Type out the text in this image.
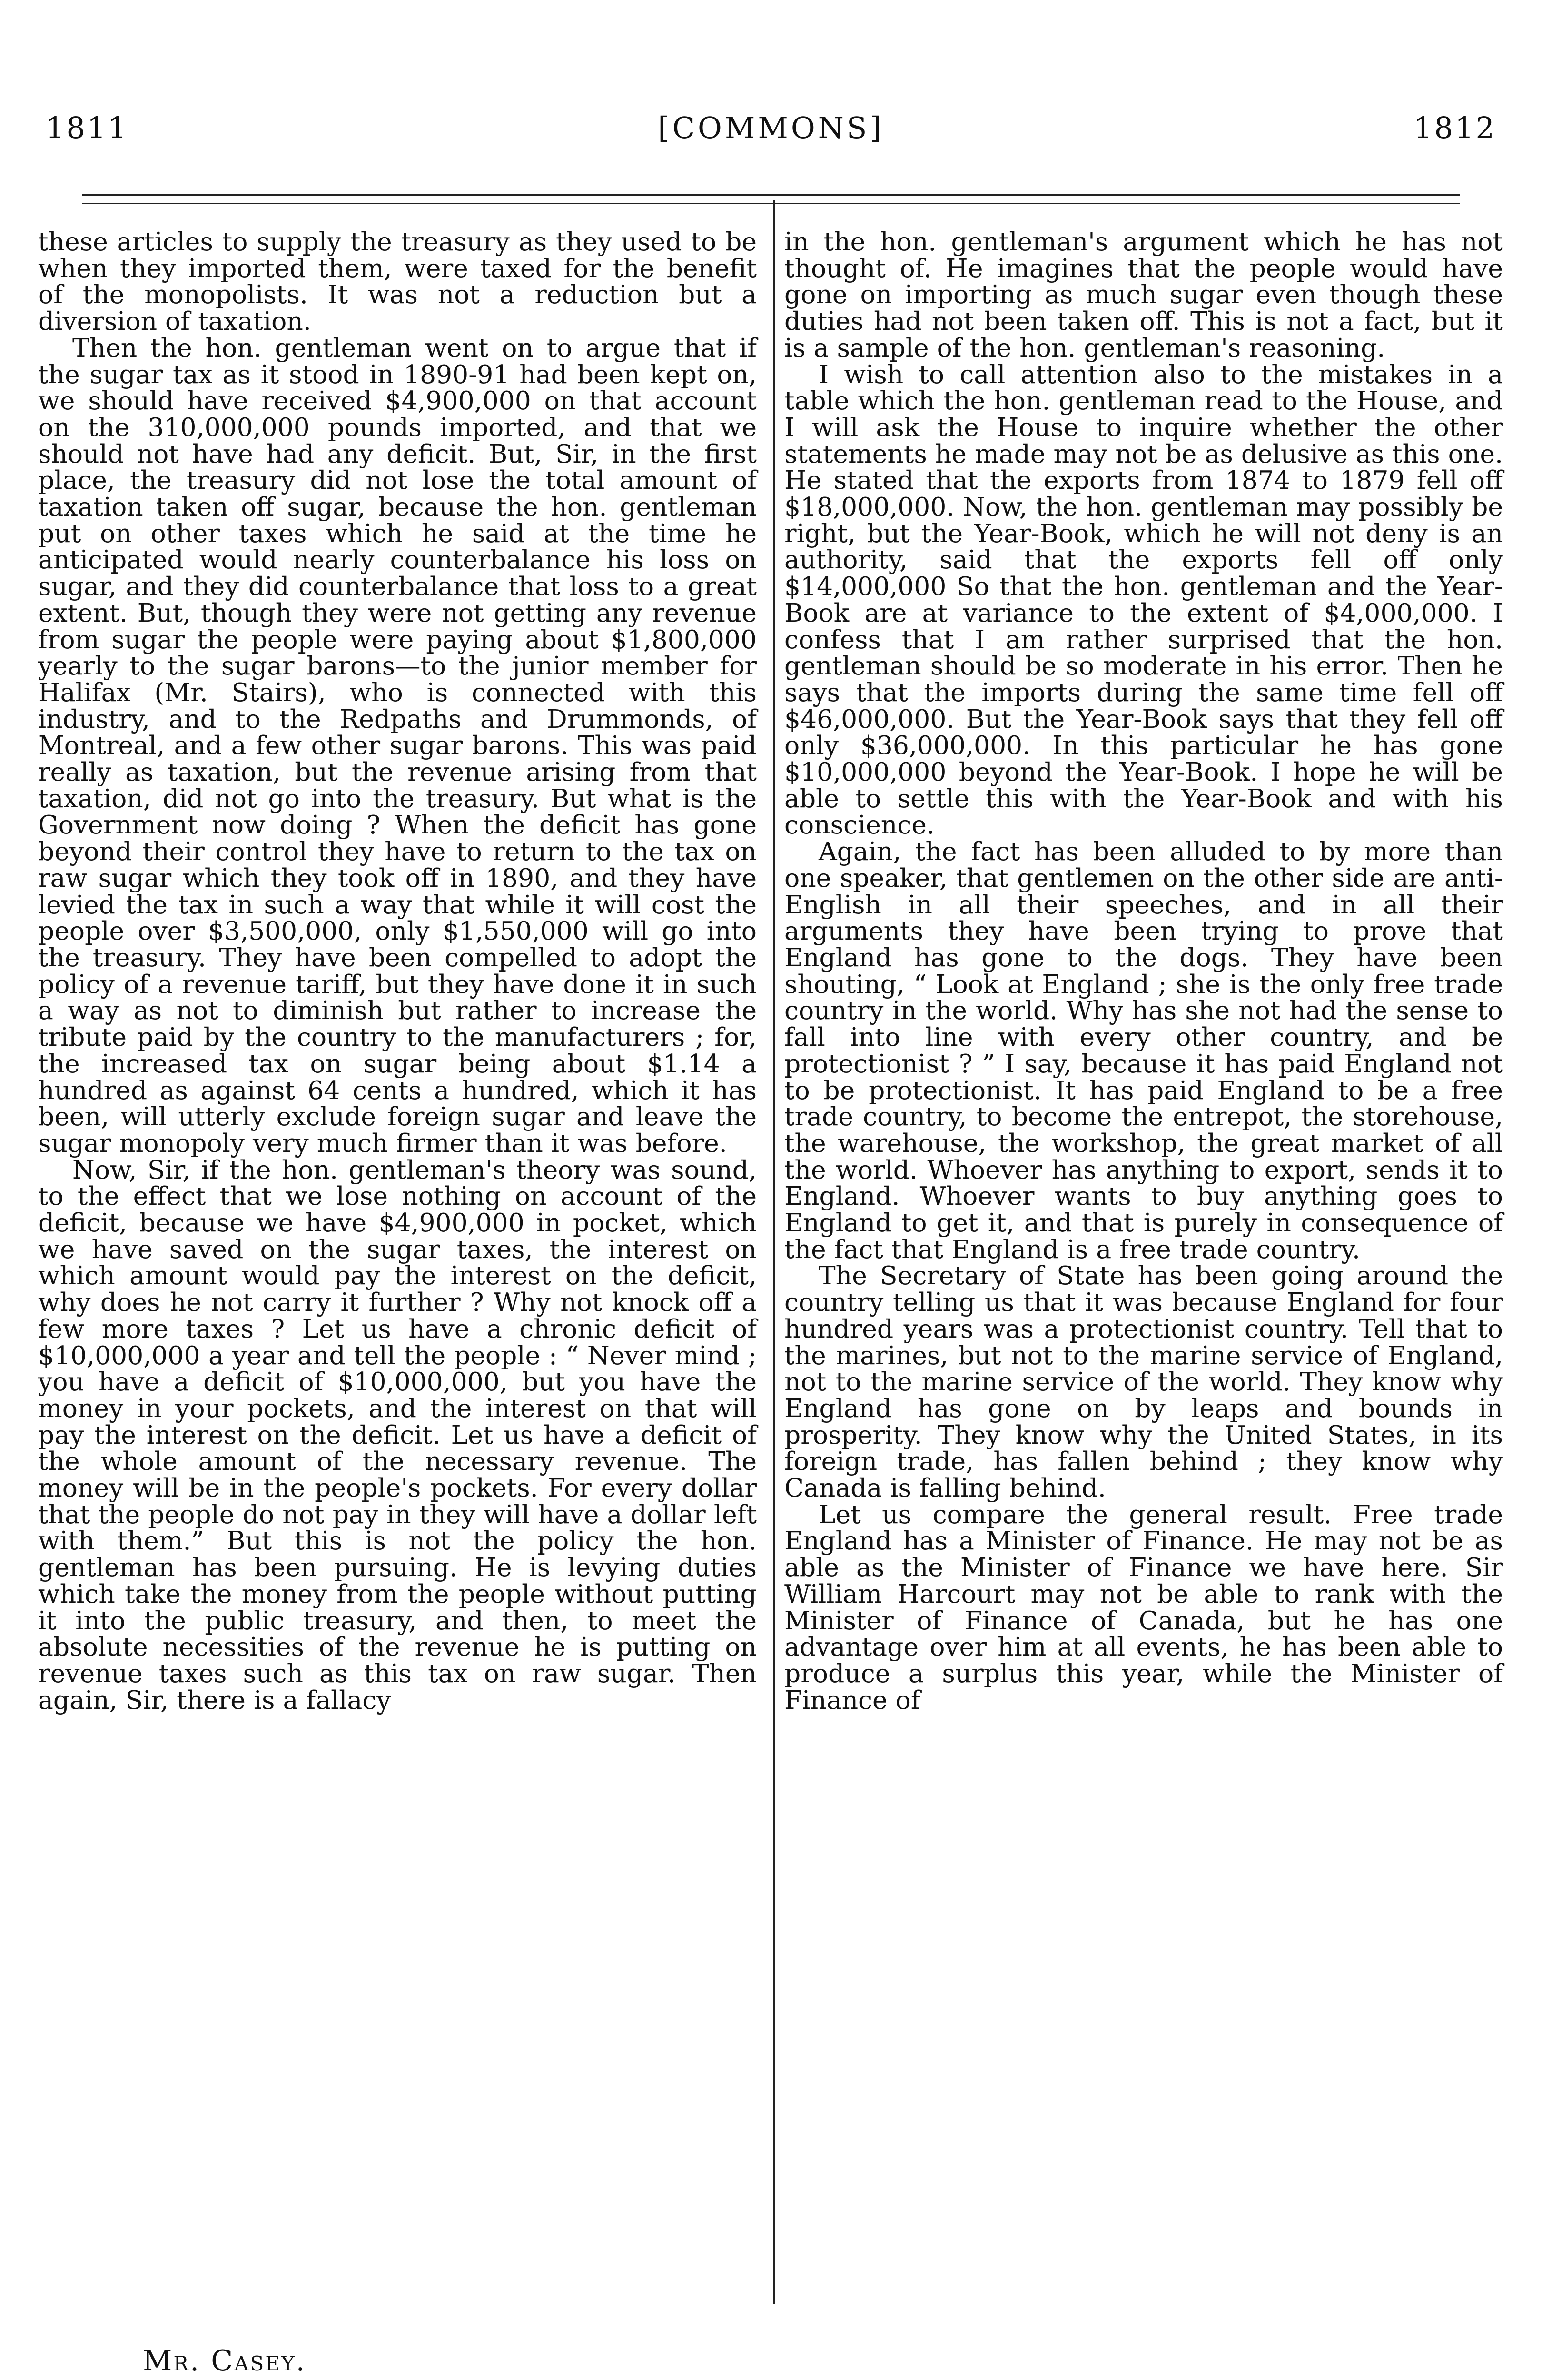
1811	[COMMONS]	1812

these articles to supply the treasury as they used to be when they imported them, were taxed for the benefit of the monopolists. It was not a reduction but a diversion of taxation.

Then the hon. gentleman went on to argue that if the sugar tax as it stood in 1890-91 had been kept on, we should have received $4,900,000 on that account on the 310,000,000 pounds imported, and that we should not have had any deficit. But, Sir, in the first place, the treasury did not lose the total amount of taxation taken off sugar, because the hon. gentleman put on other taxes which he said at the time he anticipated would nearly counterbalance his loss on sugar, and they did counterbalance that loss to a great extent. But, though they were not getting any revenue from sugar the people were paying about $1,800,000 yearly to the sugar barons—to the junior member for Halifax (Mr. Stairs), who is connected with this industry, and to the Redpaths and Drummonds, of Montreal, and a few other sugar barons. This was paid really as taxation, but the revenue arising from that taxation, did not go into the treasury. But what is the Government now doing ? When the deficit has gone beyond their control they have to return to the tax on raw sugar which they took off in 1890, and they have levied the tax in such a way that while it will cost the people over $3,500,000, only $1,550,000 will go into the treasury. They have been compelled to adopt the policy of a revenue tariff, but they have done it in such a way as not to diminish but rather to increase the tribute paid by the country to the manufacturers ; for, the increased tax on sugar being about $1.14 a hundred as against 64 cents a hundred, which it has been, will utterly exclude foreign sugar and leave the sugar monopoly very much firmer than it was before.

Now, Sir, if the hon. gentleman's theory was sound, to the effect that we lose nothing on account of the deficit, because we have $4,900,000 in pocket, which we have saved on the sugar taxes, the interest on which amount would pay the interest on the deficit, why does he not carry it further ? Why not knock off a few more taxes ? Let us have a chronic deficit of $10,000,000 a year and tell the people : “ Never mind ; you have a deficit of $10,000,000, but you have the money in your pockets, and the interest on that will pay the interest on the deficit. Let us have a deficit of the whole amount of the necessary revenue. The money will be in the people's pockets. For every dollar that the people do not pay in they will have a dollar left with them.” But this is not the policy the hon. gentleman has been pursuing. He is levying duties which take the money from the people without putting it into the public treasury, and then, to meet the absolute necessities of the revenue he is putting on revenue taxes such as this tax on raw sugar. Then again, Sir, there is a fallacy

in the hon. gentleman's argument which he has not thought of. He imagines that the people would have gone on importing as much sugar even though these duties had not been taken off. This is not a fact, but it is a sample of the hon. gentleman's reasoning.

I wish to call attention also to the mistakes in a table which the hon. gentleman read to the House, and I will ask the House to inquire whether the other statements he made may not be as delusive as this one. He stated that the exports from 1874 to 1879 fell off $18,000,000. Now, the hon. gentleman may possibly be right, but the Year-Book, which he will not deny is an authority, said that the exports fell off only $14,000,000 So that the hon. gentleman and the Year-Book are at variance to the extent of $4,000,000. I confess that I am rather surprised that the hon. gentleman should be so moderate in his error. Then he says that the imports during the same time fell off $46,000,000. But the Year-Book says that they fell off only $36,000,000. In this particular he has gone $10,000,000 beyond the Year-Book. I hope he will be able to settle this with the Year-Book and with his conscience.

Again, the fact has been alluded to by more than one speaker, that gentlemen on the other side are anti-English in all their speeches, and in all their arguments they have been trying to prove that England has gone to the dogs. They have been shouting, “ Look at England ; she is the only free trade country in the world. Why has she not had the sense to fall into line with every other country, and be protectionist ? ” I say, because it has paid England not to be protectionist. It has paid England to be a free trade country, to become the entrepot, the storehouse, the warehouse, the workshop, the great market of all the world. Whoever has anything to export, sends it to England. Whoever wants to buy anything goes to England to get it, and that is purely in consequence of the fact that England is a free trade country.

The Secretary of State has been going around the country telling us that it was because England for four hundred years was a protectionist country. Tell that to the marines, but not to the marine service of England, not to the marine service of the world. They know why England has gone on by leaps and bounds in prosperity. They know why the United States, in its foreign trade, has fallen behind ; they know why Canada is falling behind.

Let us compare the general result. Free trade England has a Minister of Finance. He may not be as able as the Minister of Finance we have here. Sir William Harcourt may not be able to rank with the Minister of Finance of Canada, but he has one advantage over him at all events, he has been able to produce a surplus this year, while the Minister of Finance of

Mr. Casey.
